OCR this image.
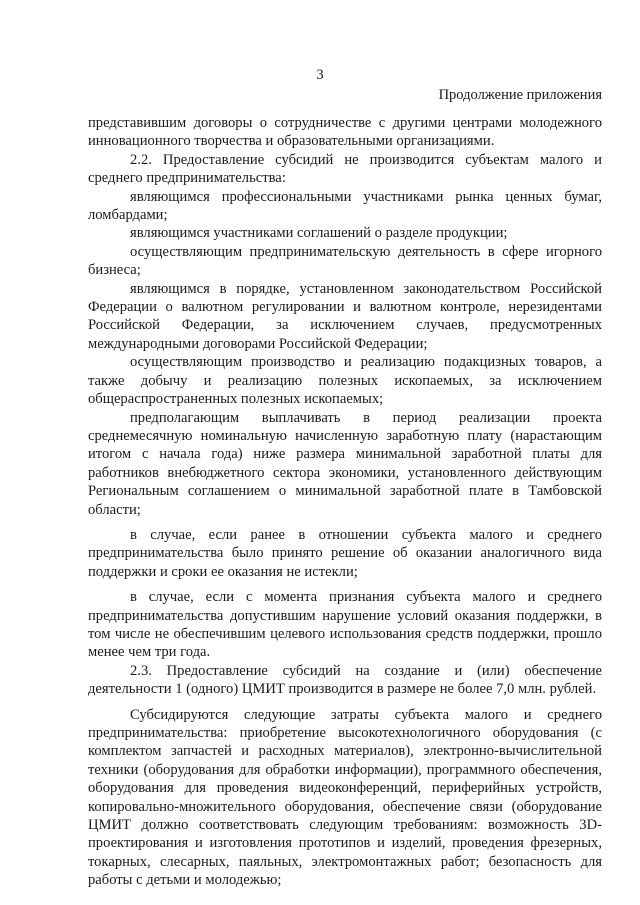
3
Продолжение приложения

представившим договоры о сотрудничестве с другими центрами молодежного инновационного творчества и образовательными организациями.

2.2. Предоставление субсидий не производится субъектам малого и среднего предпринимательства:

являющимся профессиональными участниками рынка ценных бумаг, ломбардами;

являющимся участниками соглашений о разделе продукции;

осуществляющим предпринимательскую деятельность в сфере игорного бизнеса;

являющимся в порядке, установленном законодательством Российской Федерации о валютном регулировании и валютном контроле, нерезидентами Российской Федерации, за исключением случаев, предусмотренных международными договорами Российской Федерации;

осуществляющим производство и реализацию подакцизных товаров, а также добычу и реализацию полезных ископаемых, за исключением общераспространенных полезных ископаемых;

предполагающим выплачивать в период реализации проекта среднемесячную номинальную начисленную заработную плату (нарастающим итогом с начала года) ниже размера минимальной заработной платы для работников внебюджетного сектора экономики, установленного действующим Региональным соглашением о минимальной заработной плате в Тамбовской области;

в случае, если ранее в отношении субъекта малого и среднего предпринимательства было принято решение об оказании аналогичного вида поддержки и сроки ее оказания не истекли;

в случае, если с момента признания субъекта малого и среднего предпринимательства допустившим нарушение условий оказания поддержки, в том числе не обеспечившим целевого использования средств поддержки, прошло менее чем три года.

2.3. Предоставление субсидий на создание и (или) обеспечение деятельности 1 (одного) ЦМИТ производится в размере не более 7,0 млн. рублей.

Субсидируются следующие затраты субъекта малого и среднего предпринимательства: приобретение высокотехнологичного оборудования (с комплектом запчастей и расходных материалов), электронно-вычислительной техники (оборудования для обработки информации), программного обеспечения, оборудования для проведения видеоконференций, периферийных устройств, копировально-множительного оборудования, обеспечение связи (оборудование ЦМИТ должно соответствовать следующим требованиям: возможность 3D-проектирования и изготовления прототипов и изделий, проведения фрезерных, токарных, слесарных, паяльных, электромонтажных работ; безопасность для работы с детьми и молодежью;
